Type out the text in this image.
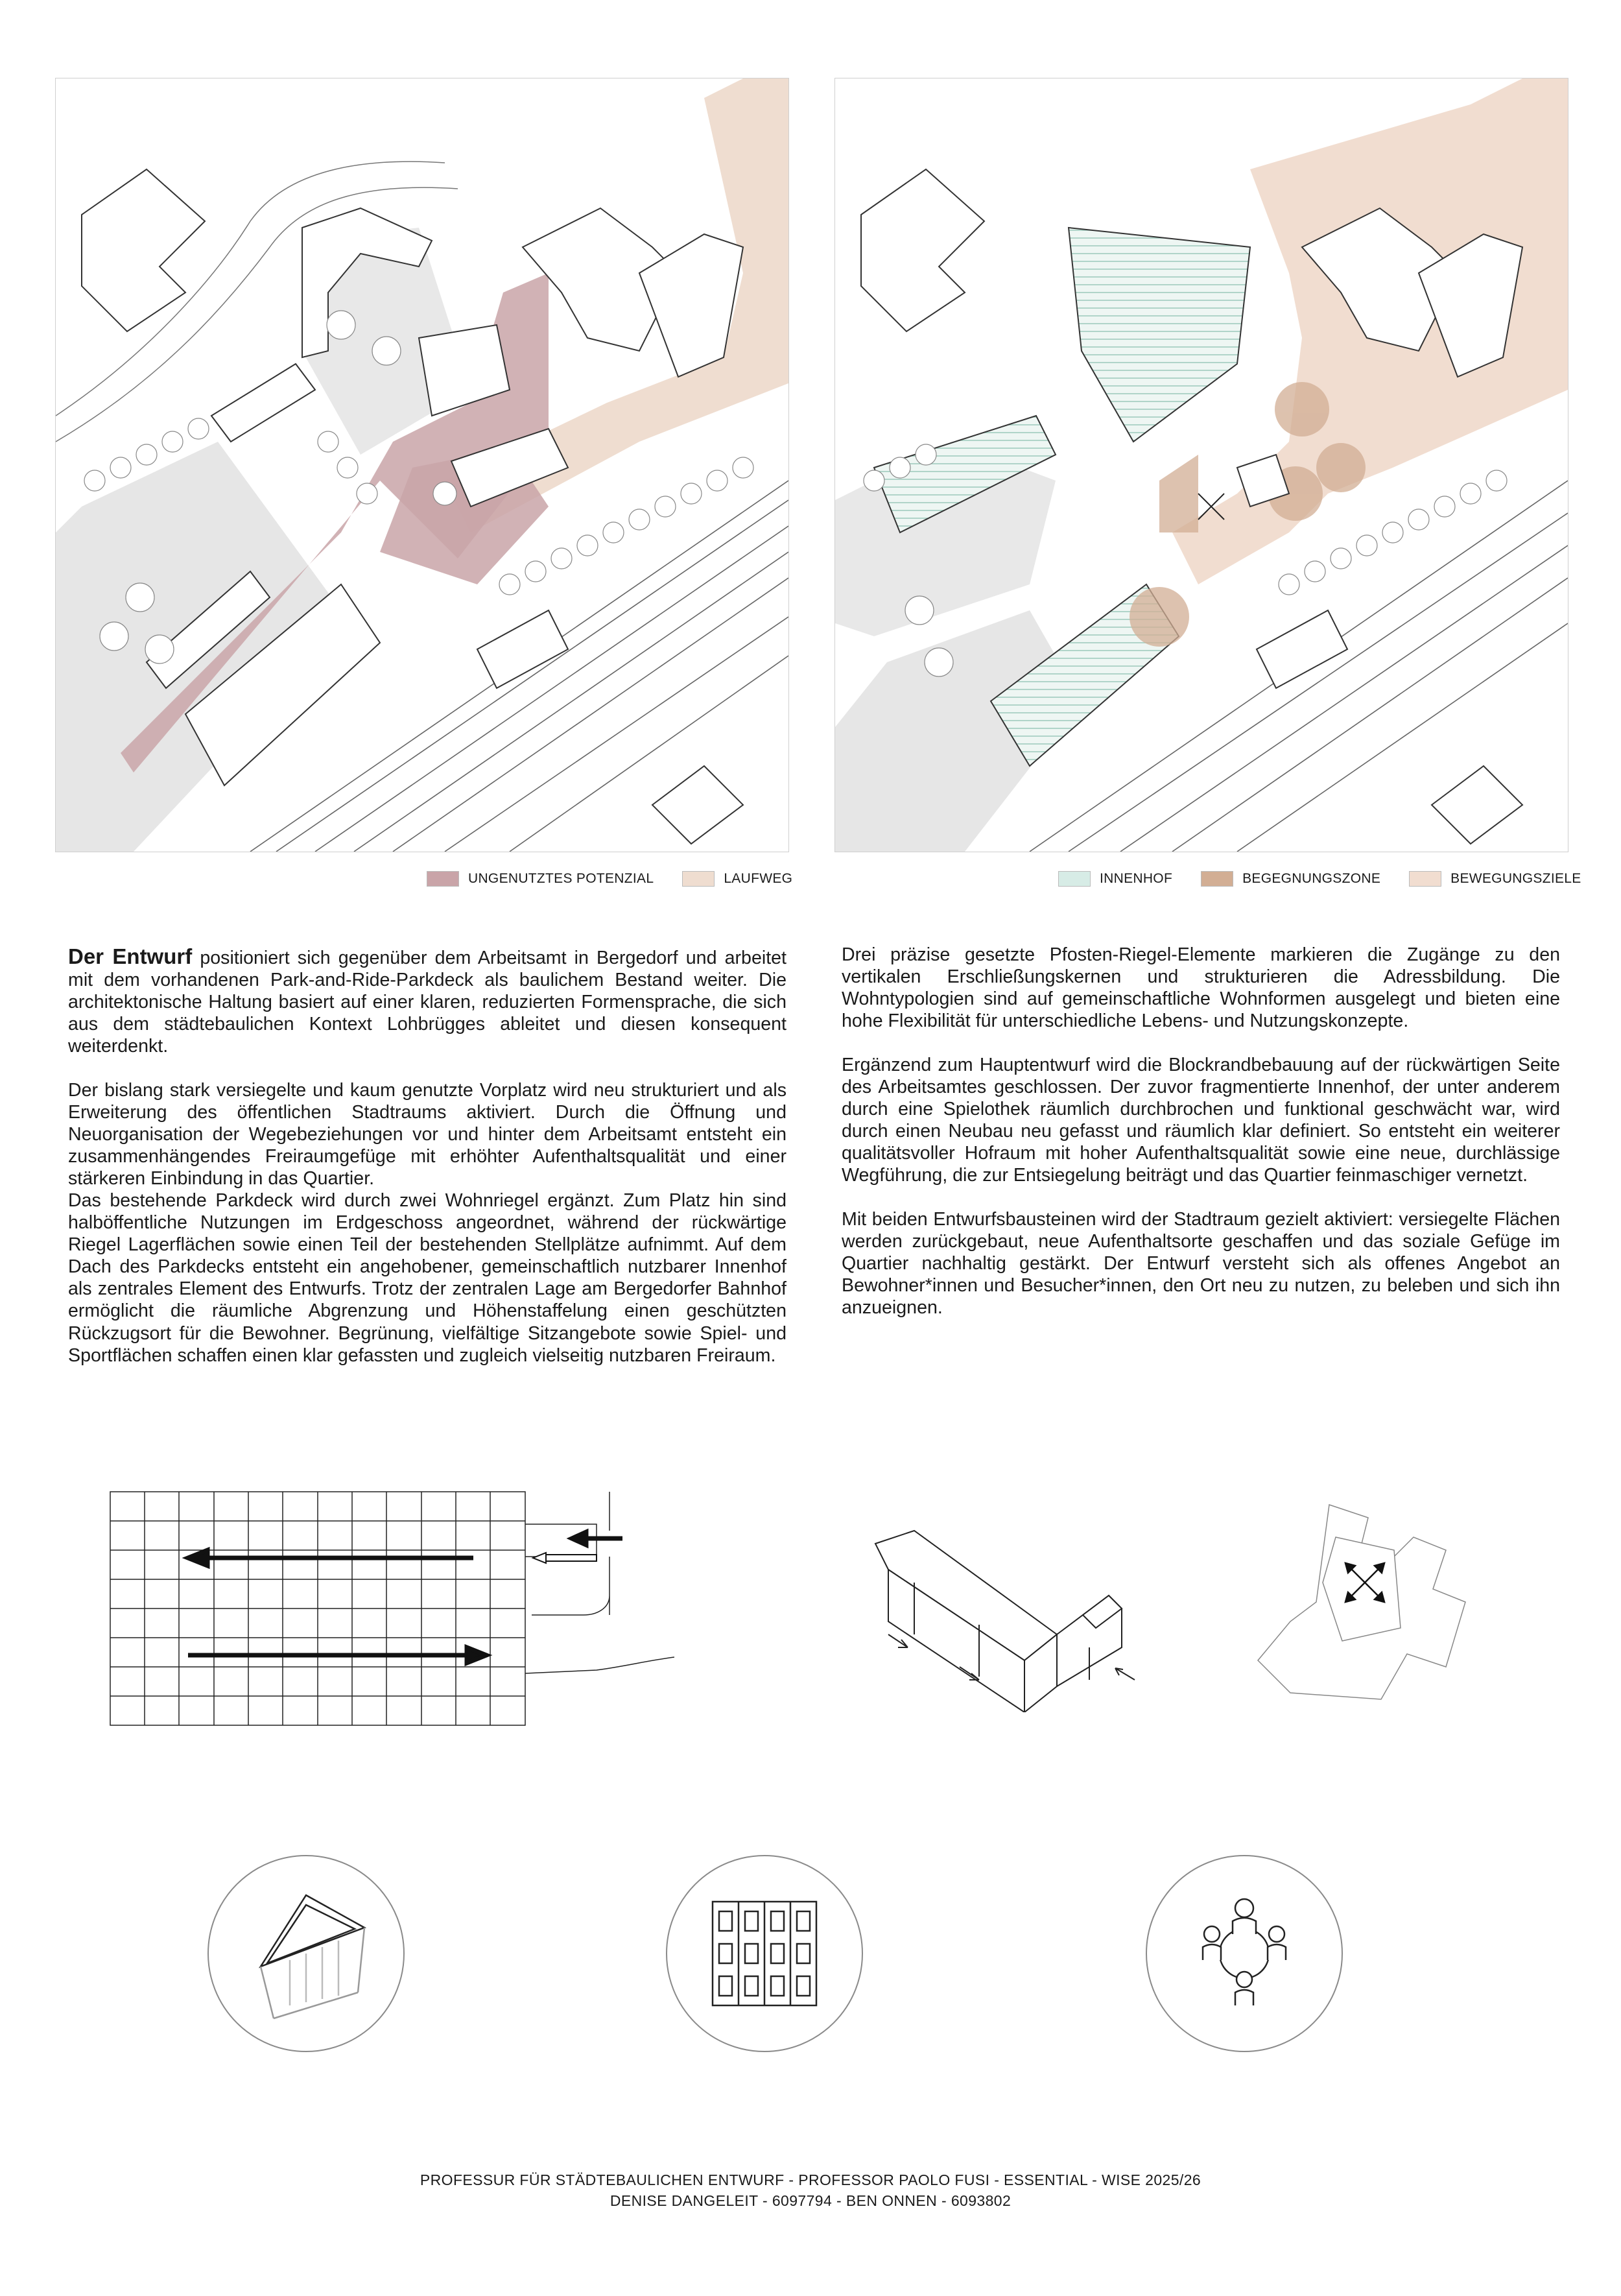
UNGENUTZTES POTENZIAL	LAUFWEG	INNENHOF	BEGEGNUNGSZONE	BEWEGUNGSZIELE

Der Entwurf positioniert sich gegenüber dem Arbeitsamt in Bergedorf und arbeitet mit dem vorhandenen Park-and-Ride-Parkdeck als baulichem Bestand weiter. Die architektonische Haltung basiert auf einer klaren, reduzierten Formensprache, die sich aus dem städtebaulichen Kontext Lohbrügges ableitet und diesen konsequent weiterdenkt.

Der bislang stark versiegelte und kaum genutzte Vorplatz wird neu strukturiert und als Erweiterung des öffentlichen Stadtraums aktiviert. Durch die Öffnung und Neuorganisation der Wegebeziehungen vor und hinter dem Arbeitsamt entsteht ein zusammenhängendes Freiraumgefüge mit erhöhter Aufenthaltsqualität und einer stärkeren Einbindung in das Quartier.

Das bestehende Parkdeck wird durch zwei Wohnriegel ergänzt. Zum Platz hin sind halböffentliche Nutzungen im Erdgeschoss angeordnet, während der rückwärtige Riegel Lagerflächen sowie einen Teil der bestehenden Stellplätze aufnimmt. Auf dem Dach des Parkdecks entsteht ein angehobener, gemeinschaftlich nutzbarer Innenhof als zentrales Element des Entwurfs. Trotz der zentralen Lage am Bergedorfer Bahnhof ermöglicht die räumliche Abgrenzung und Höhenstaffelung einen geschützten Rückzugsort für die Bewohner. Begrünung, vielfältige Sitzangebote sowie Spiel- und Sportflächen schaffen einen klar gefassten und zugleich vielseitig nutzbaren Freiraum.

Drei präzise gesetzte Pfosten-Riegel-Elemente markieren die Zugänge zu den vertikalen Erschließungskernen und strukturieren die Adressbildung. Die Wohntypologien sind auf gemeinschaftliche Wohnformen ausgelegt und bieten eine hohe Flexibilität für unterschiedliche Lebens- und Nutzungskonzepte.

Ergänzend zum Hauptentwurf wird die Blockrandbebauung auf der rückwärtigen Seite des Arbeitsamtes geschlossen. Der zuvor fragmentierte Innenhof, der unter anderem durch eine Spielothek räumlich durchbrochen und funktional geschwächt war, wird durch einen Neubau neu gefasst und räumlich klar definiert. So entsteht ein weiterer qualitätsvoller Hofraum mit hoher Aufenthaltsqualität sowie eine neue, durchlässige Wegführung, die zur Entsiegelung beiträgt und das Quartier feinmaschiger vernetzt.

Mit beiden Entwurfsbausteinen wird der Stadtraum gezielt aktiviert: versiegelte Flächen werden zurückgebaut, neue Aufenthaltsorte geschaffen und das soziale Gefüge im Quartier nachhaltig gestärkt. Der Entwurf versteht sich als offenes Angebot an Bewohner*innen und Besucher*innen, den Ort neu zu nutzen, zu beleben und sich ihn anzueignen.

PROFESSUR FÜR STÄDTEBAULICHEN ENTWURF - PROFESSOR PAOLO FUSI - ESSENTIAL - WISE 2025/26
DENISE DANGELEIT - 6097794 - BEN ONNEN - 6093802
